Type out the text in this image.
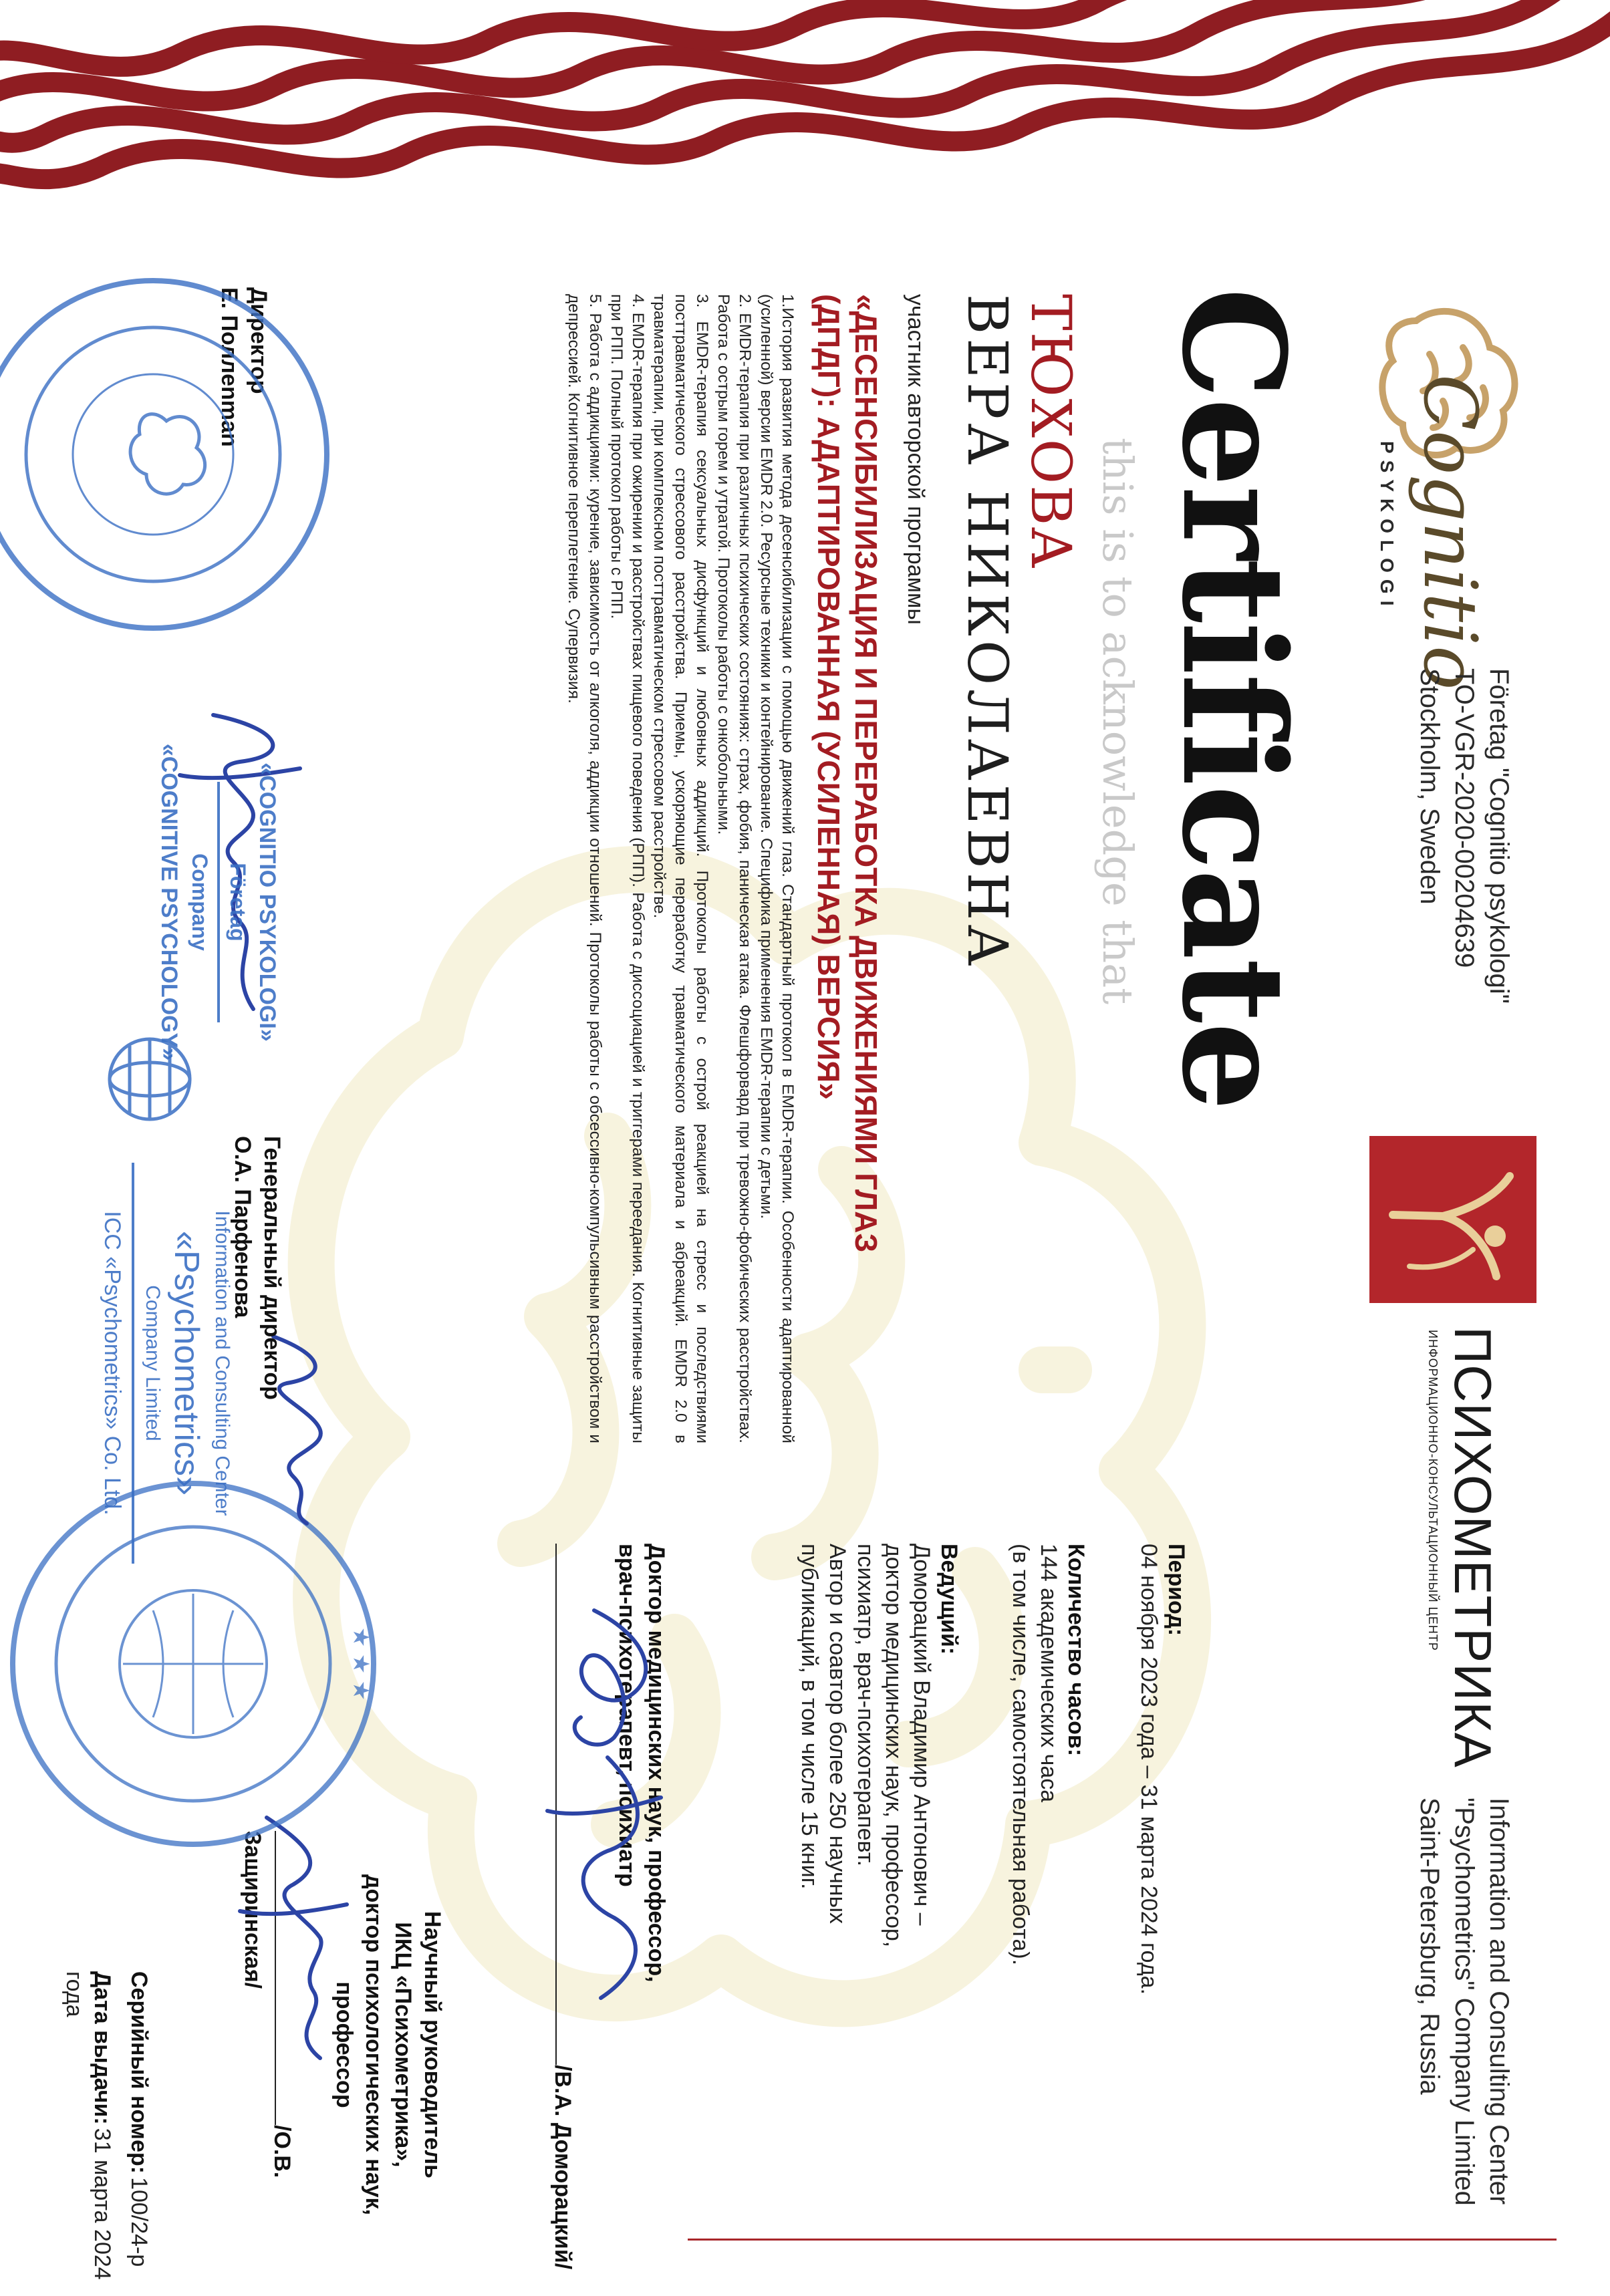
Cognitio
PSYKOLOGI
Företag "Cognitio psykologi"
TO-VGR-2020-00204639
Stockholm, Sweden
ПСИХОМЕТРИКА
ИНФОРМАЦИОННО-КОНСУЛЬТАЦИОННЫЙ ЦЕНТР
Information and Consulting Center
"Psychometrics" Company Limited
Saint-Petersburg, Russia
Certificate
this is to acknowledge that
ТЮХОВА
ВЕРА НИКОЛАЕВНА
участник авторской программы
«ДЕСЕНСИБИЛИЗАЦИЯ И ПЕРЕРАБОТКА ДВИЖЕНИЯМИ ГЛАЗ
(ДПДГ): АДАПТИРОВАННАЯ (УСИЛЕННАЯ) ВЕРСИЯ»

1.История развития метода десенсибилизации с помощью движений глаз. Стандартный протокол в EMDR-терапии. Особенности адаптированной (усиленной) версии EMDR 2.0. Ресурсные техники и контейнирование. Специфика применения EMDR-терапии с детьми.

2. EMDR-терапия при различных психических состояниях: страх, фобия, паническая атака. Флешфорвард при тревожно-фобических расстройствах. Работа с острым горем и утратой. Протоколы работы с онкобольными.

3. EMDR-терапия сексуальных дисфункций и любовных аддикций. Протоколы работы с острой реакцией на стресс и последствиями посттравматического стрессового расстройства. Приемы, ускоряющие переработку травматического материала и абреакций. EMDR 2.0 в травматерапии, при комплексном посттравматическом стрессовом расстройстве.

4. EMDR-терапия при ожирении и расстройствах пищевого поведения (РПП). Работа с диссоциацией и триггерами переедания. Когнитивные защиты при РПП. Полный протокол работы с РПП.

5. Работа с аддикциями: курение, зависимость от алкоголя, аддикции отношений. Протоколы работы с обсессивно-компульсивным расстройством и депрессией. Когнитивное переплетение. Супервизия.

Период:
04 ноября 2023 года – 31 марта 2024 года.
Количество часов:
144 академических часа
(в том числе, самостоятельная работа).
Ведущий:
Доморацкий Владимир Антонович –
доктор медицинских наук, профессор,
психиатр, врач-психотерапевт.
Автор и соавтор более 250 научных
публикаций, в том числе 15 книг.
Доктор медицинских наук, профессор,
врач-психотерапевт, психиатр
/В.А. Доморацкий/
Научный руководитель
ИКЦ «Психометрика»,
доктор психологических наук,
профессор
/О.В. Защиринская/
★ ★ ★
Серийный номер: 100/24-р
Дата выдачи: 31 марта 2024 года
Директор
Е. Поллenman
«COGNITIO PSYKOLOGI»
Företag
Company
«COGNITIVE PSYCHOLOGY»
Генеральный директор
О.А. Парфенова
Information and Consulting Center
«Psychometrics»
Company Limited
ICC «Psychometrics» Co. Ltd.
